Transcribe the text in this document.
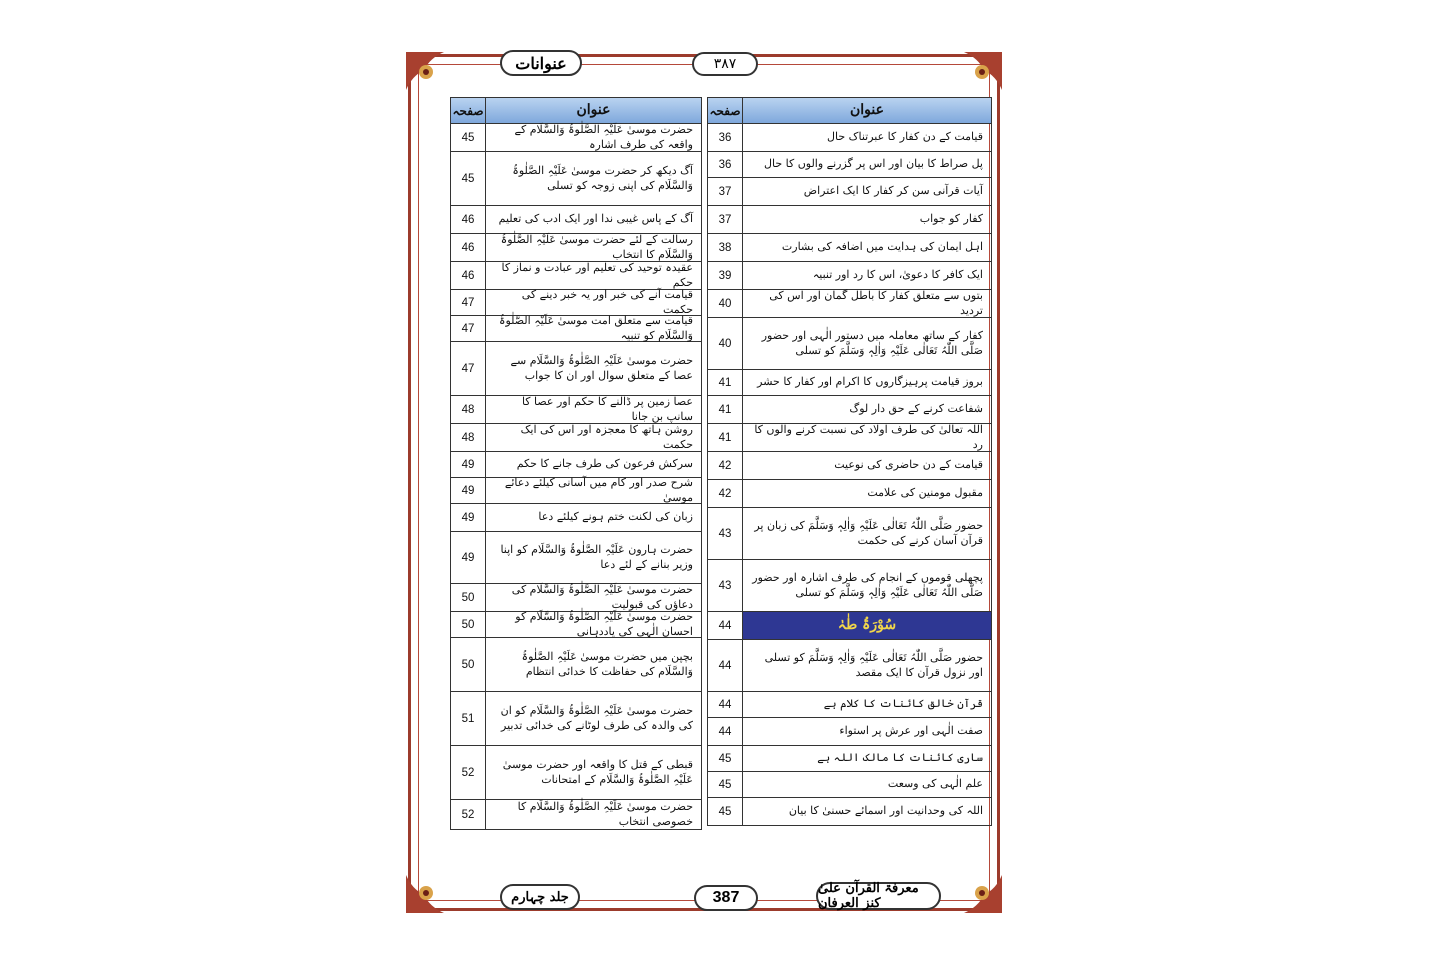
عنوانات	۳۸۷
عنوان
صفحہ
قیامت کے دن کفار کا عبرتناک حال
36
پل صراط کا بیان اور اس پر گزرنے والوں کا حال
36
آیات قرآنی سن کر کفار کا ایک اعتراض
37
کفار کو جواب
37
اہل ایمان کی ہدایت میں اضافہ کی بشارت
38
ایک کافر کا دعویٰ، اس کا رد اور تنبیہ
39
بتوں سے متعلق کفار کا باطل گمان اور اس کی تردید
40
کفار کے ساتھ معاملہ میں دستور الٰہی اور حضور صَلَّی اللّٰہُ تَعَالٰی عَلَیْہِ وَاٰلِہٖ وَسَلَّمَ کو تسلی
40
بروز قیامت پرہیزگاروں کا اکرام اور کفار کا حشر
41
شفاعت کرنے کے حق دار لوگ
41
اللہ تعالیٰ کی طرف اولاد کی نسبت کرنے والوں کا رد
41
قیامت کے دن حاضری کی نوعیت
42
مقبول مومنین کی علامت
42
حضور صَلَّی اللّٰہُ تَعَالٰی عَلَیْہِ وَاٰلِہٖ وَسَلَّمَ کی زبان پر قرآن آسان کرنے کی حکمت
43
پچھلی قوموں کے انجام کی طرف اشارہ اور حضور صَلَّی اللّٰہُ تَعَالٰی عَلَیْہِ وَاٰلِہٖ وَسَلَّمَ کو تسلی
43
سُوْرَۃُ طٰہٰ
44
حضور صَلَّی اللّٰہُ تَعَالٰی عَلَیْہِ وَاٰلِہٖ وَسَلَّمَ کو تسلی اور نزول قرآن کا ایک مقصد
44
قرآن خالق کائنات کا کلام ہے
44
صفت الٰہی اور عرش پر استواء
44
ساری کائنات کا مالک اللہ ہے
45
علم الٰہی کی وسعت
45
اللہ کی وحدانیت اور اسمائے حسنیٰ کا بیان
45
عنوان
صفحہ
حضرت موسیٰ عَلَیْہِ الصَّلٰوۃُ وَالسَّلَام کے واقعہ کی طرف اشارہ
45
آگ دیکھ کر حضرت موسیٰ عَلَیْہِ الصَّلٰوۃُ وَالسَّلَام کی اپنی زوجہ کو تسلی
45
آگ کے پاس غیبی ندا اور ایک ادب کی تعلیم
46
رسالت کے لئے حضرت موسیٰ عَلَیْہِ الصَّلٰوۃُ وَالسَّلَام کا انتخاب
46
عقیدہ توحید کی تعلیم اور عبادت و نماز کا حکم
46
قیامت آنے کی خبر اور یہ خبر دینے کی حکمت
47
قیامت سے متعلق امت موسیٰ عَلَیْہِ الصَّلٰوۃُ وَالسَّلَام کو تنبیہ
47
حضرت موسیٰ عَلَیْہِ الصَّلٰوۃُ وَالسَّلَام سے عصا کے متعلق سوال اور ان کا جواب
47
عصا زمین پر ڈالنے کا حکم اور عصا کا سانپ بن جانا
48
روشن ہاتھ کا معجزہ اور اس کی ایک حکمت
48
سرکش فرعون کی طرف جانے کا حکم
49
شرح صدر اور کام میں آسانی کیلئے دعائے موسیٰ
49
زبان کی لکنت ختم ہونے کیلئے دعا
49
حضرت ہارون عَلَیْہِ الصَّلٰوۃُ وَالسَّلَام کو اپنا وزیر بنانے کے لئے دعا
49
حضرت موسیٰ عَلَیْہِ الصَّلٰوۃُ وَالسَّلَام کی دعاؤں کی قبولیت
50
حضرت موسیٰ عَلَیْہِ الصَّلٰوۃُ وَالسَّلَام کو احسان الٰہی کی یاددہانی
50
بچپن میں حضرت موسیٰ عَلَیْہِ الصَّلٰوۃُ وَالسَّلَام کی حفاظت کا خدائی انتظام
50
حضرت موسیٰ عَلَیْہِ الصَّلٰوۃُ وَالسَّلَام کو ان کی والدہ کی طرف لوٹانے کی خدائی تدبیر
51
قبطی کے قتل کا واقعہ اور حضرت موسیٰ عَلَیْہِ الصَّلٰوۃُ وَالسَّلَام کے امتحانات
52
حضرت موسیٰ عَلَیْہِ الصَّلٰوۃُ وَالسَّلَام کا خصوصی انتخاب
52
معرفۃ القرآن علیٰ کنز العرفان
387
جلد چہارم
